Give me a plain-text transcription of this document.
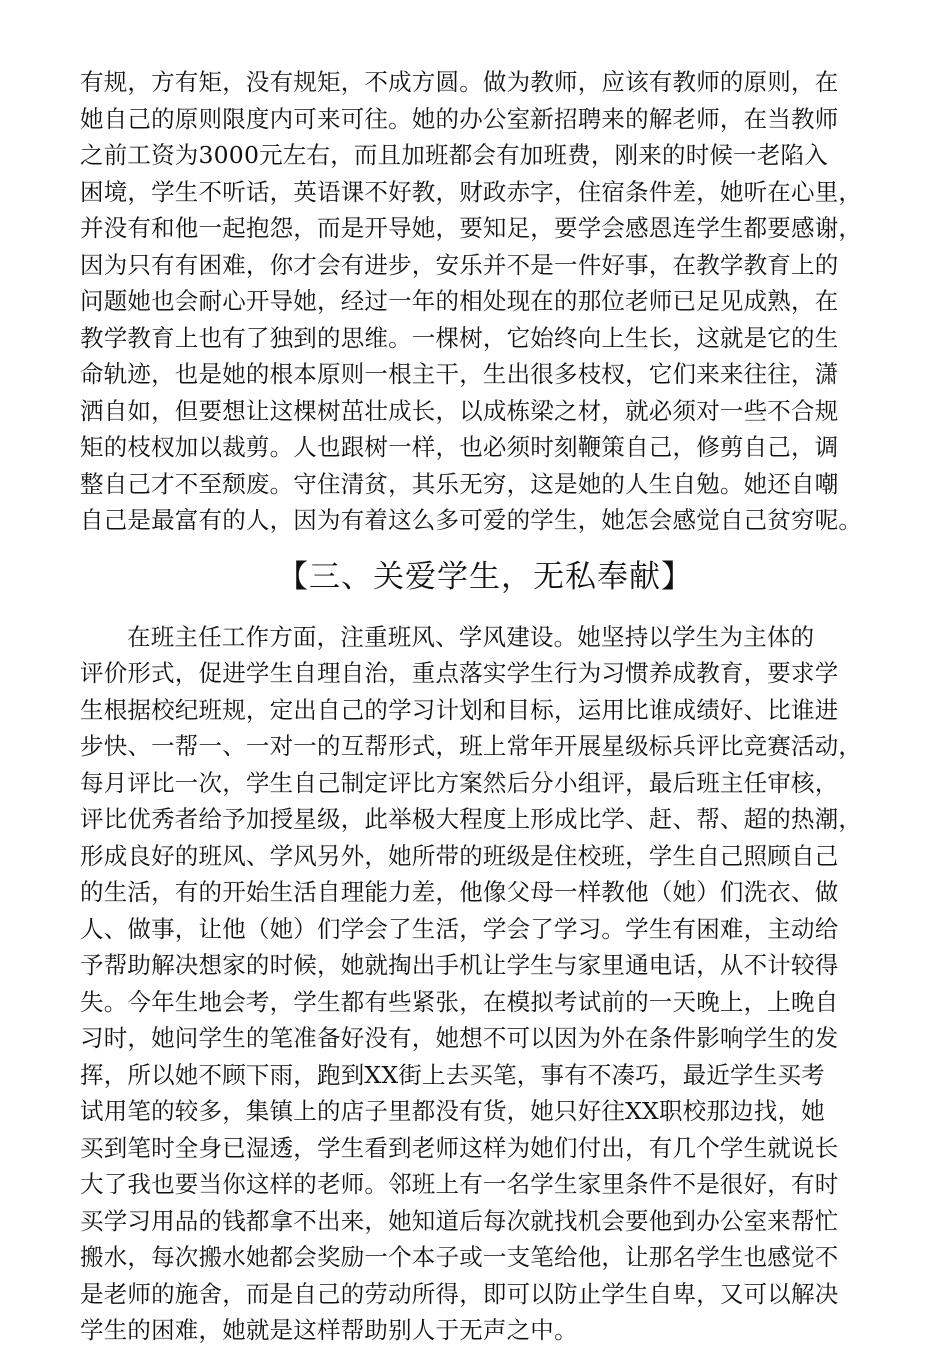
有规，方有矩，没有规矩，不成方圆。做为教师，应该有教师的原则，在
她自己的原则限度内可来可往。她的办公室新招聘来的解老师，在当教师
之前工资为3000元左右，而且加班都会有加班费，刚来的时候一老陷入
困境，学生不听话，英语课不好教，财政赤字，住宿条件差，她听在心里，
并没有和他一起抱怨，而是开导她，要知足，要学会感恩连学生都要感谢，
因为只有有困难，你才会有进步，安乐并不是一件好事，在教学教育上的
问题她也会耐心开导她，经过一年的相处现在的那位老师已足见成熟，在
教学教育上也有了独到的思维。一棵树，它始终向上生长，这就是它的生
命轨迹，也是她的根本原则一根主干，生出很多枝杈，它们来来往往，潇
洒自如，但要想让这棵树茁壮成长，以成栋梁之材，就必须对一些不合规
矩的枝杈加以裁剪。人也跟树一样，也必须时刻鞭策自己，修剪自己，调
整自己才不至颓废。守住清贫，其乐无穷，这是她的人生自勉。她还自嘲
自己是最富有的人，因为有着这么多可爱的学生，她怎会感觉自己贫穷呢。
【三、关爱学生，无私奉献】
在班主任工作方面，注重班风、学风建设。她坚持以学生为主体的
评价形式，促进学生自理自治，重点落实学生行为习惯养成教育，要求学
生根据校纪班规，定出自己的学习计划和目标，运用比谁成绩好、比谁进
步快、一帮一、一对一的互帮形式，班上常年开展星级标兵评比竞赛活动，
每月评比一次，学生自己制定评比方案然后分小组评，最后班主任审核，
评比优秀者给予加授星级，此举极大程度上形成比学、赶、帮、超的热潮，
形成良好的班风、学风另外，她所带的班级是住校班，学生自己照顾自己
的生活，有的开始生活自理能力差，他像父母一样教他（她）们洗衣、做
人、做事，让他（她）们学会了生活，学会了学习。学生有困难，主动给
予帮助解决想家的时候，她就掏出手机让学生与家里通电话，从不计较得
失。今年生地会考，学生都有些紧张，在模拟考试前的一天晚上，上晚自
习时，她问学生的笔准备好没有，她想不可以因为外在条件影响学生的发
挥，所以她不顾下雨，跑到XX街上去买笔，事有不凑巧，最近学生买考
试用笔的较多，集镇上的店子里都没有货，她只好往XX职校那边找，她
买到笔时全身已湿透，学生看到老师这样为她们付出，有几个学生就说长
大了我也要当你这样的老师。邻班上有一名学生家里条件不是很好，有时
买学习用品的钱都拿不出来，她知道后每次就找机会要他到办公室来帮忙
搬水，每次搬水她都会奖励一个本子或一支笔给他，让那名学生也感觉不
是老师的施舍，而是自己的劳动所得，即可以防止学生自卑，又可以解决
学生的困难，她就是这样帮助别人于无声之中。
